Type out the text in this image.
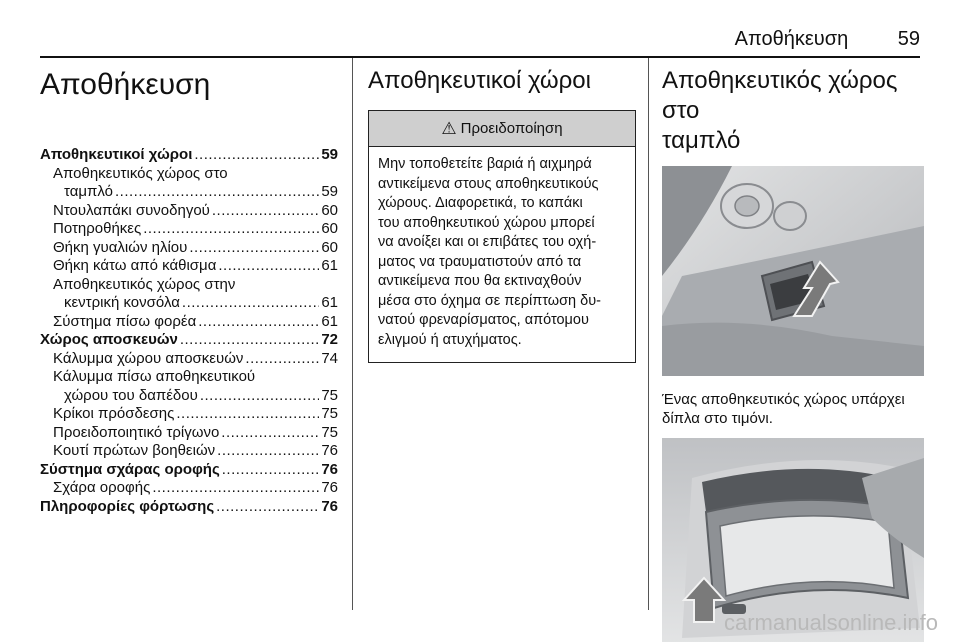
Αποθήκευση 59
Αποθήκευση
Αποθηκευτικοί χώροι .....	59
Αποθηκευτικός χώρος στο
ταμπλό .....	59
Ντουλαπάκι συνοδηγού .....	60
Ποτηροθήκες .....	60
Θήκη γυαλιών ηλίου .....	60
Θήκη κάτω από κάθισμα .....	61
Αποθηκευτικός χώρος στην
κεντρική κονσόλα .....	61
Σύστημα πίσω φορέα .....	61
Χώρος αποσκευών .....	72
Κάλυμμα χώρου αποσκευών .....	74
Κάλυμμα πίσω αποθηκευτικού
χώρου του δαπέδου .....	75
Κρίκοι πρόσδεσης .....	75
Προειδοποιητικό τρίγωνο .....	75
Κουτί πρώτων βοηθειών .....	76
Σύστημα σχάρας οροφής .....	76
Σχάρα οροφής .....	76
Πληροφορίες φόρτωσης .....	76
Αποθηκευτικοί χώροι
⚠ Προειδοποίηση
Μην τοποθετείτε βαριά ή αιχμηρά
αντικείμενα στους αποθηκευτικούς
χώρους. Διαφορετικά, το καπάκι
του αποθηκευτικού χώρου μπορεί
να ανοίξει και οι επιβάτες του οχή-
ματος να τραυματιστούν από τα
αντικείμενα που θα εκτιναχθούν
μέσα στο όχημα σε περίπτωση δυ-
νατού φρεναρίσματος, απότομου
ελιγμού ή ατυχήματος.
Αποθηκευτικός χώρος στο
ταμπλό
Ένας αποθηκευτικός χώρος υπάρχει
δίπλα στο τιμόνι.
carmanualsonline.info
